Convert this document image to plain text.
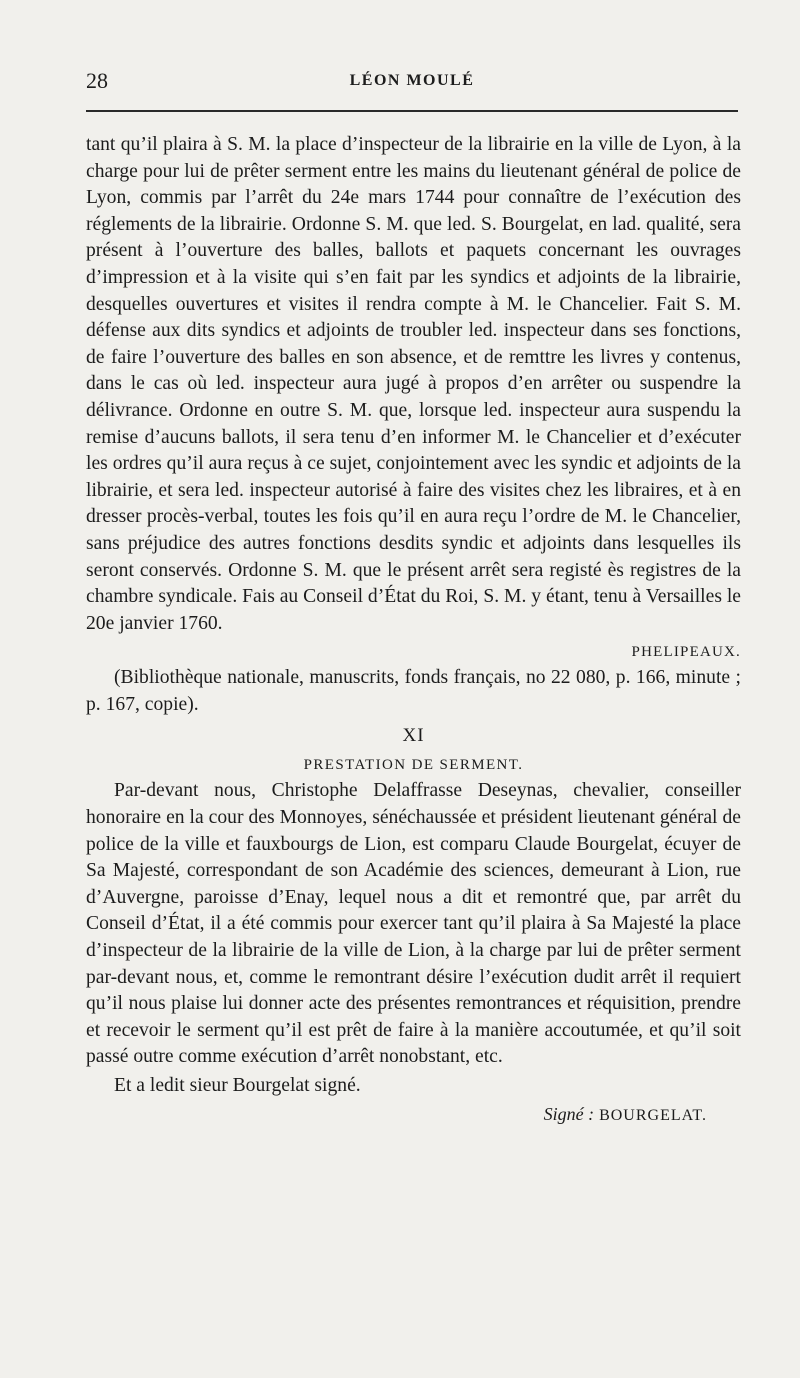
28	LÉON MOULÉ

tant qu’il plaira à S. M. la place d’inspecteur de la librairie en la ville de Lyon, à la charge pour lui de prêter serment entre les mains du lieutenant général de police de Lyon, commis par l’arrêt du 24e mars 1744 pour connaître de l’exécution des réglements de la librairie. Ordonne S. M. que led. S. Bourgelat, en lad. qualité, sera présent à l’ouverture des balles, ballots et paquets concernant les ouvrages d’impression et à la visite qui s’en fait par les syndics et adjoints de la librairie, desquelles ouvertures et visites il rendra compte à M. le Chancelier. Fait S. M. défense aux dits syndics et adjoints de troubler led. inspecteur dans ses fonctions, de faire l’ouverture des balles en son absence, et de remttre les livres y contenus, dans le cas où led. inspecteur aura jugé à propos d’en arrêter ou suspendre la délivrance. Ordonne en outre S. M. que, lorsque led. inspecteur aura suspendu la remise d’aucuns ballots, il sera tenu d’en informer M. le Chancelier et d’exécuter les ordres qu’il aura reçus à ce sujet, conjointement avec les syndic et adjoints de la librairie, et sera led. inspecteur autorisé à faire des visites chez les libraires, et à en dresser procès-verbal, toutes les fois qu’il en aura reçu l’ordre de M. le Chancelier, sans préjudice des autres fonctions desdits syndic et adjoints dans lesquelles ils seront conservés. Ordonne S. M. que le présent arrêt sera registé ès registres de la chambre syndicale. Fais au Conseil d’État du Roi, S. M. y étant, tenu à Versailles le 20e janvier 1760.

PHELIPEAUX.

(Bibliothèque nationale, manuscrits, fonds français, no 22 080, p. 166, minute ; p. 167, copie).

XI

PRESTATION DE SERMENT.

Par-devant nous, Christophe Delaffrasse Deseynas, chevalier, conseiller honoraire en la cour des Monnoyes, sénéchaussée et président lieutenant général de police de la ville et fauxbourgs de Lion, est comparu Claude Bourgelat, écuyer de Sa Majesté, correspondant de son Académie des sciences, demeurant à Lion, rue d’Auvergne, paroisse d’Enay, lequel nous a dit et remontré que, par arrêt du Conseil d’État, il a été commis pour exercer tant qu’il plaira à Sa Majesté la place d’inspecteur de la librairie de la ville de Lion, à la charge par lui de prêter serment par-devant nous, et, comme le remontrant désire l’exécution dudit arrêt il requiert qu’il nous plaise lui donner acte des présentes remontrances et réquisition, prendre et recevoir le serment qu’il est prêt de faire à la manière accoutumée, et qu’il soit passé outre comme exécution d’arrêt nonobstant, etc.

Et a ledit sieur Bourgelat signé.

Signé : BOURGELAT.
